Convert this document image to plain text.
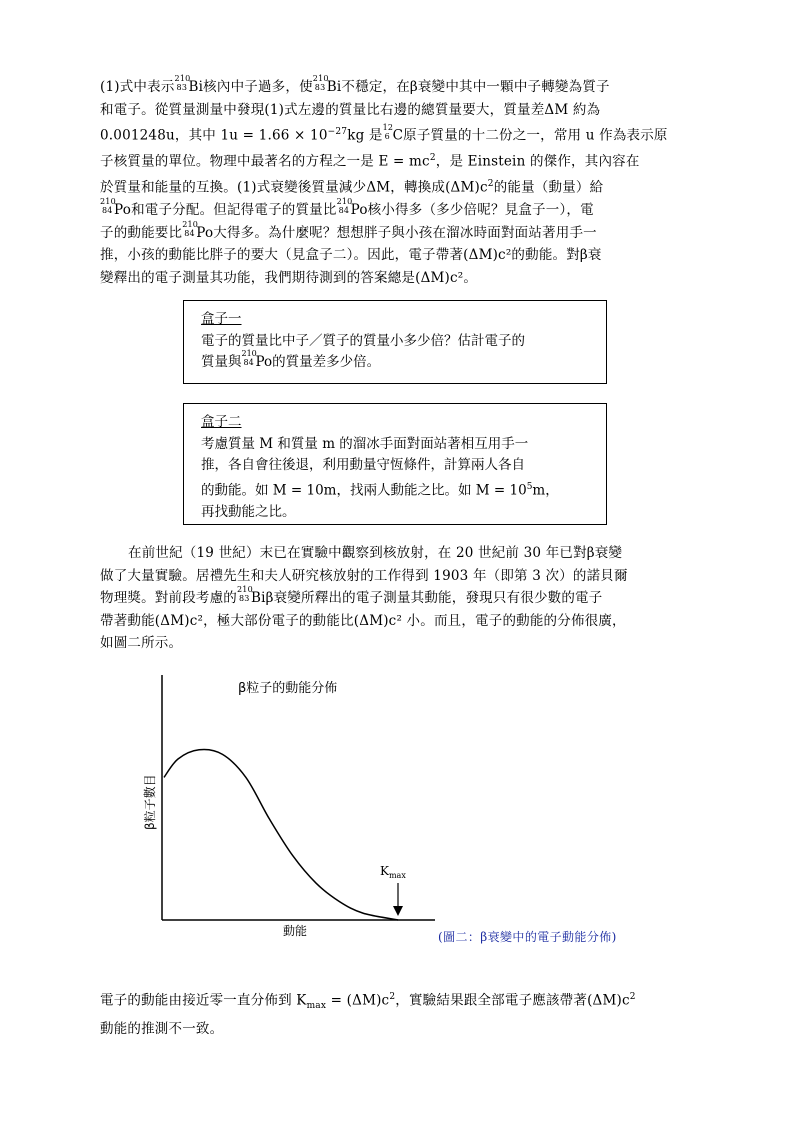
(1)式中表示
210
83 Bi核內中子過多，使
210
83 Bi不穩定，在β衰變中其中一顆中子轉變為質子
和電子。從質量測量中發現(1)式左邊的質量比右邊的總質量要大，質量差ΔM 約為
0.001248u，其中 $1u = 1.66 \times 10^{-27}kg$ 是
12
6 C原子質量的十二份之一，常用 u 作為表示原
子核質量的單位。物理中最著名的方程之一是 $E = mc^2$，是 Einstein 的傑作，其內容在
於質量和能量的互換。(1)式衰變後質量減少ΔM，轉換成$(\Delta M)c^2$的能量（動量）給
210
84 Po和電子分配。但記得電子的質量比
210
84 Po核小得多（多少倍呢？見盒子一），電
子的動能要比
210
84 Po大得多。為什麼呢？想想胖子與小孩在溜冰時面對面站著用手一
推，小孩的動能比胖子的要大（見盒子二）。因此，電子帶著(ΔM)c²的動能。對β衰
變釋出的電子測量其功能，我們期待測到的答案總是(ΔM)c²。
盒子一

電子的質量比中子／質子的質量小多少倍？估計電子的

質量與
210
84 Po的質量差多少倍。

盒子二

考慮質量 M 和質量 m 的溜冰手面對面站著相互用手一

推，各自會往後退，利用動量守恆條件，計算兩人各自

的動能。如 M = 10m，找兩人動能之比。如 $M = 10^5m$，

再找動能之比。

在前世紀（19 世紀）末已在實驗中觀察到核放射，在 20 世紀前 30 年已對β衰變
做了大量實驗。居禮先生和夫人研究核放射的工作得到 1903 年（即第 3 次）的諾貝爾
物理獎。對前段考慮的
210
83 Biβ衰變所釋出的電子測量其動能，發現只有很少數的電子
帶著動能(ΔM)c²，極大部份電子的動能比(ΔM)c² 小。而且，電子的動能的分佈很廣，
如圖二所示。
β粒子的動能分佈
β粒子數目
動能
$K_{max}$
(圖二：β衰變中的電子動能分佈)
電子的動能由接近零一直分佈到 $K_{max} = (\Delta M)c^2$，實驗結果跟全部電子應該帶著$(\Delta M)c^2$
動能的推測不一致。
